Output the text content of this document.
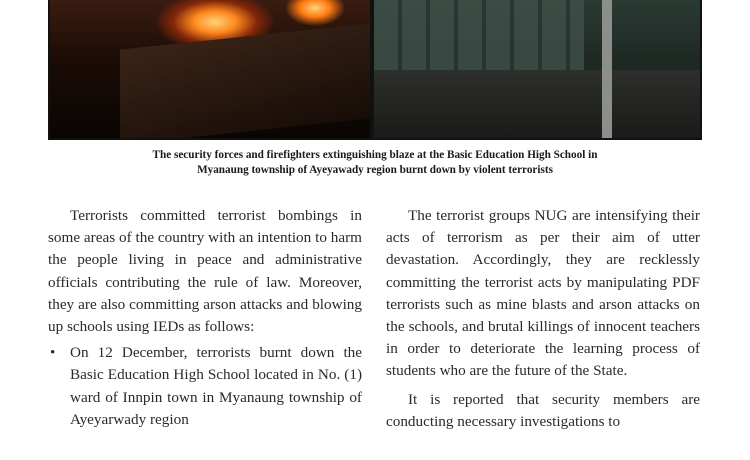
The security forces and firefighters extinguishing blaze at the Basic Education High School in
Myanaung township of Ayeyawady region burnt down by violent terrorists

Terrorists committed terrorist bombings in some areas of the country with an intention to harm the people living in peace and administrative officials contributing the rule of law. Moreover, they are also committing arson attacks and blowing up schools using IEDs as follows:

• On 12 December, terrorists burnt down the Basic Education High School located in No. (1) ward of Innpin town in Myanaung township of Ayeyarwady region

The terrorist groups NUG are intensifying their acts of terrorism as per their aim of utter devastation. Accordingly, they are recklessly committing the terrorist acts by manipulating PDF terrorists such as mine blasts and arson attacks on the schools, and brutal killings of innocent teachers in order to deteriorate the learning process of students who are the future of the State.

It is reported that security members are conducting necessary investigations to
